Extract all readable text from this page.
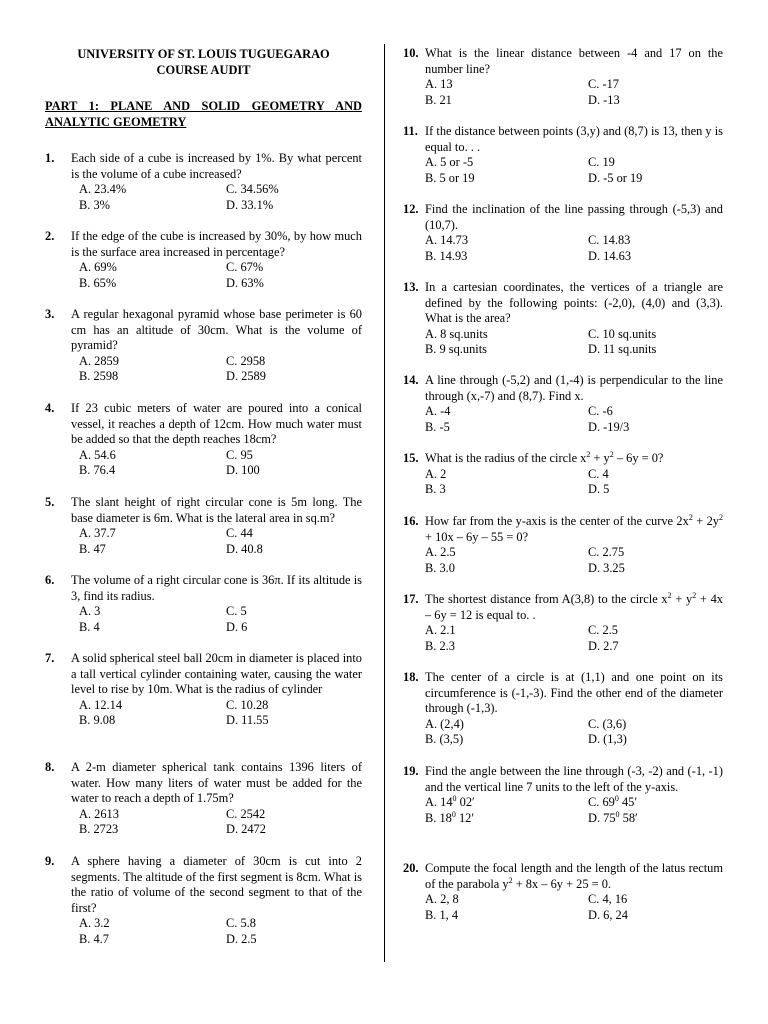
UNIVERSITY OF ST. LOUIS TUGUEGARAO
COURSE AUDIT
PART 1: PLANE AND SOLID GEOMETRY AND ANALYTIC GEOMETRY
1.	Each side of a cube is increased by 1%. By what percent is the volume of a cube increased?
A. 23.4%	C. 34.56%
B. 3%	D. 33.1%
2.	If the edge of the cube is increased by 30%, by how much is the surface area increased in percentage?
A. 69%	C. 67%
B. 65%	D. 63%
3.	A regular hexagonal pyramid whose base perimeter is 60 cm has an altitude of 30cm. What is the volume of pyramid?
A. 2859	C. 2958
B. 2598	D. 2589
4.	If 23 cubic meters of water are poured into a conical vessel, it reaches a depth of 12cm. How much water must be added so that the depth reaches 18cm?
A. 54.6	C. 95
B. 76.4	D. 100
5.	The slant height of right circular cone is 5m long. The base diameter is 6m. What is the lateral area in sq.m?
A. 37.7	C. 44
B. 47	D. 40.8
6.	The volume of a right circular cone is 36π. If its altitude is 3, find its radius.
A. 3	C. 5
B. 4	D. 6
7.	A solid spherical steel ball 20cm in diameter is placed into a tall vertical cylinder containing water, causing the water level to rise by 10m. What is the radius of cylinder
A. 12.14	C. 10.28
B. 9.08	D. 11.55
8.	A 2-m diameter spherical tank contains 1396 liters of water. How many liters of water must be added for the water to reach a depth of 1.75m?
A. 2613	C. 2542
B. 2723	D. 2472
9.	A sphere having a diameter of 30cm is cut into 2 segments. The altitude of the first segment is 8cm. What is the ratio of volume of the second segment to that of the first?
A. 3.2	C. 5.8
B. 4.7	D. 2.5
10. What is the linear distance between -4 and 17 on the number line?
A. 13	C. -17
B. 21	D. -13
11. If the distance between points (3,y) and (8,7) is 13, then y is equal to. . .
A. 5 or -5	C. 19
B. 5 or 19	D. -5 or 19
12. Find the inclination of the line passing through (-5,3) and (10,7).
A. 14.73	C. 14.83
B. 14.93	D. 14.63
13. In a cartesian coordinates, the vertices of a triangle are defined by the following points: (-2,0), (4,0) and (3,3). What is the area?
A. 8 sq.units	C. 10 sq.units
B. 9 sq.units	D. 11 sq.units
14. A line through (-5,2) and (1,-4) is perpendicular to the line through (x,-7) and (8,7). Find x.
A. -4	C. -6
B. -5	D. -19/3
15. What is the radius of the circle $x^2 + y^2 - 6y = 0$?
A. 2	C. 4
B. 3	D. 5
16. How far from the y-axis is the center of the curve $2x^2 + 2y^2 + 10x - 6y - 55 = 0$?
A. 2.5	C. 2.75
B. 3.0	D. 3.25
17. The shortest distance from A(3,8) to the circle $x^2 + y^2 + 4x - 6y = 12$ is equal to. .
A. 2.1	C. 2.5
B. 2.3	D. 2.7
18. The center of a circle is at (1,1) and one point on its circumference is (-1,-3). Find the other end of the diameter through (-1,3).
A. (2,4)	C. (3,6)
B. (3,5)	D. (1,3)
19. Find the angle between the line through (-3, -2) and (-1, -1) and the vertical line 7 units to the left of the y-axis.
A. $14^0$ 02′	C. $69^0$ 45′
B. $18^0$ 12′	D. $75^0$ 58′
20. Compute the focal length and the length of the latus rectum of the parabola $y^2 + 8x - 6y + 25 = 0$.
A. 2, 8	C. 4, 16
B. 1, 4	D. 6, 24
